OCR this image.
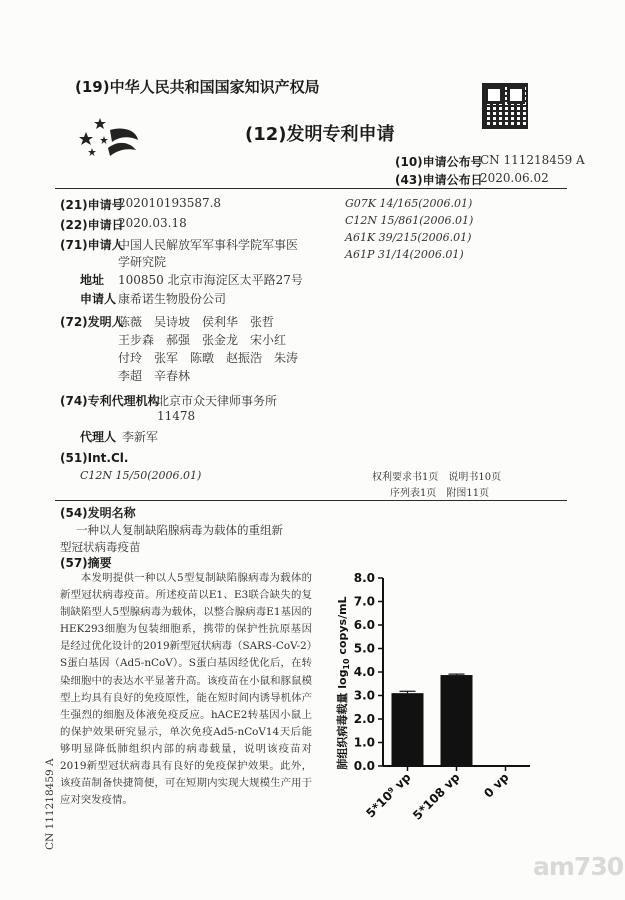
(19)中华人民共和国国家知识产权局
(12)发明专利申请
(10)申请公布号
CN 111218459 A
(43)申请公布日
2020.06.02
(21)申请号
202010193587.8
(22)申请日
2020.03.18
(71)申请人
中国人民解放军军事科学院军事医
学研究院
地址 100850 北京市海淀区太平路27号
申请人 康希诺生物股份公司
(72)发明人
陈薇　吴诗坡　侯利华　张哲
王步森　郝强　张金龙　宋小红
付玲　张军　陈暾　赵振浩　朱涛
李超　辛春林
(74)专利代理机构
北京市众天律师事务所
11478
代理人 李新军
(51)Int.Cl.
C12N 15/50(2006.01)
G07K 14/165(2006.01)
C12N 15/861(2006.01)
A61K 39/215(2006.01)
A61P 31/14(2006.01)
权利要求书1页　说明书10页
序列表1页　附图11页
(54)发明名称
一种以人复制缺陷腺病毒为载体的重组新
型冠状病毒疫苗
(57)摘要
本发明提供一种以人5型复制缺陷腺病毒为载体的新型冠状病毒疫苗。所述疫苗以E1、E3联合缺失的复制缺陷型人5型腺病毒为载体，以整合腺病毒E1基因的HEK293细胞为包装细胞系，携带的保护性抗原基因是经过优化设计的2019新型冠状病毒（SARS-CoV-2）S蛋白基因（Ad5-nCoV）。S蛋白基因经优化后，在转染细胞中的表达水平显著升高。该疫苗在小鼠和豚鼠模型上均具有良好的免疫原性，能在短时间内诱导机体产生强烈的细胞及体液免疫反应。hACE2转基因小鼠上的保护效果研究显示，单次免疫Ad5-nCoV14天后能够明显降低肺组织内部的病毒载量，说明该疫苗对2019新型冠状病毒具有良好的免疫保护效果。此外，该疫苗制备快捷简便，可在短期内实现大规模生产用于应对突发疫情。
肺组织病毒载量 $\log_{10}$ copys/mL
0.0
1.0
2.0
3.0
4.0
5.0
6.0
7.0
8.0
5*10⁹ vp
5*108 vp 0 vp
CN 111218459 A
am730
